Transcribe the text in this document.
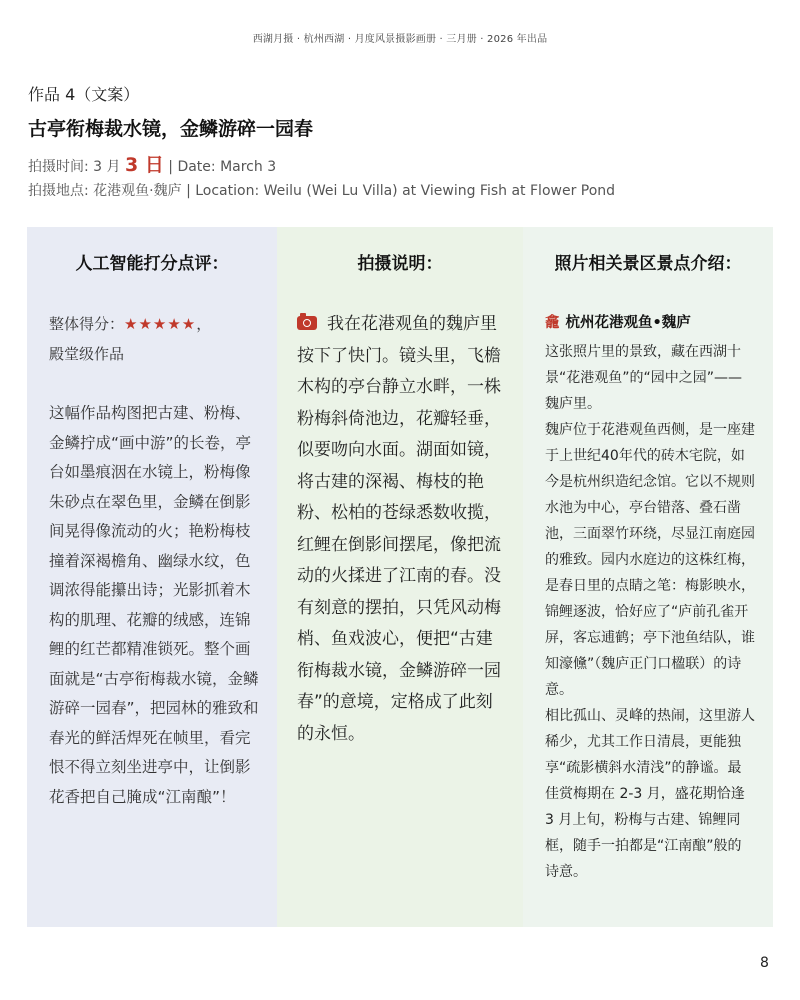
西湖月摄 · 杭州西湖 · 月度风景摄影画册 · 三月册 · 2026 年出品
作品 4（文案）
古亭衔梅裁水镜，金鳞游碎一园春
拍摄时间: 3 月 3 日 | Date: March 3
拍摄地点: 花港观鱼·魏庐 | Location: Weilu (Wei Lu Villa) at Viewing Fish at Flower Pond
人工智能打分点评：
整体得分：★★★★★，
殿堂级作品
这幅作品构图把古建、粉梅、金鳞拧成“画中游”的长卷，亭台如墨痕洇在水镜上，粉梅像朱砂点在翠色里，金鳞在倒影间晃得像流动的火；艳粉梅枝撞着深褐檐角、幽绿水纹，色调浓得能攥出诗；光影抓着木构的肌理、花瓣的绒感，连锦鲤的红芒都精准锁死。整个画面就是“古亭衔梅裁水镜，金鳞游碎一园春”，把园林的雅致和春光的鲜活焊死在帧里，看完恨不得立刻坐进亭中，让倒影花香把自己腌成“江南酿”！
拍摄说明：
我在花港观鱼的魏庐里按下了快门。镜头里，飞檐木构的亭台静立水畔，一株粉梅斜倚池边，花瓣轻垂，似要吻向水面。湖面如镜，将古建的深褐、梅枝的艳粉、松柏的苍绿悉数收揽，红鲤在倒影间摆尾，像把流动的火揉进了江南的春。没有刻意的摆拍，只凭风动梅梢、鱼戏波心，便把“古建衔梅裁水镜，金鳞游碎一园春”的意境，定格成了此刻的永恒。
照片相关景区景点介绍：
龕 杭州花港观鱼•魏庐

这张照片里的景致，藏在西湖十景“花港观鱼”的“园中之园”—— 魏庐里。

魏庐位于花港观鱼西侧，是一座建于上世纪40年代的砖木宅院，如今是杭州织造纪念馆。它以不规则水池为中心，亭台错落、叠石凿池，三面翠竹环绕，尽显江南庭园的雅致。园内水庭边的这株红梅，是春日里的点睛之笔：梅影映水，锦鲤逐波，恰好应了“庐前孔雀开屏，客忘逋鹤；亭下池鱼结队，谁知濠儵”（魏庐正门口楹联）的诗意。

相比孤山、灵峰的热闹，这里游人稀少，尤其工作日清晨，更能独享“疏影横斜水清浅”的静谧。最佳赏梅期在 2-3 月，盛花期恰逢 3 月上旬，粉梅与古建、锦鲤同框，随手一拍都是“江南酿”般的诗意。

8
